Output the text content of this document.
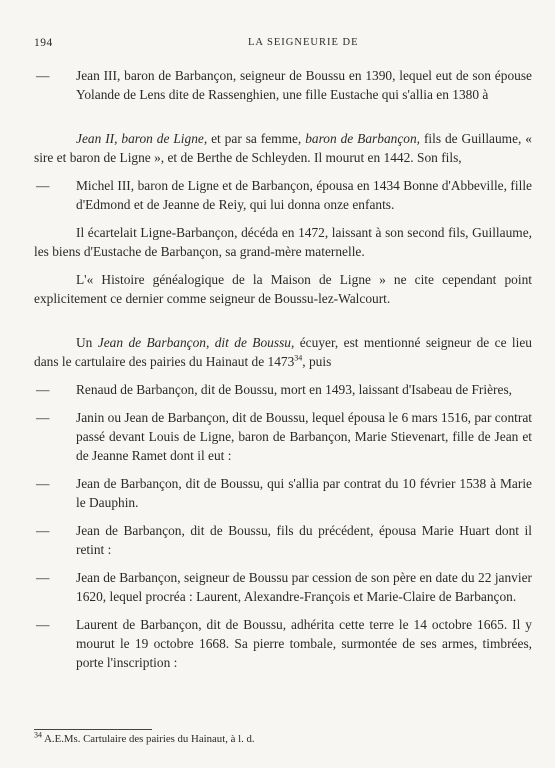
194	LA SEIGNEURIE DE

— Jean III, baron de Barbançon, seigneur de Boussu en 1390, lequel eut de son épouse Yolande de Lens dite de Rassenghien, une fille Eustache qui s'allia en 1380 à

Jean II, baron de Ligne, et par sa femme, baron de Barbançon, fils de Guillaume, « sire et baron de Ligne », et de Berthe de Schleyden. Il mourut en 1442. Son fils,

— Michel III, baron de Ligne et de Barbançon, épousa en 1434 Bonne d'Abbeville, fille d'Edmond et de Jeanne de Reiy, qui lui donna onze enfants.

Il écartelait Ligne-Barbançon, décéda en 1472, laissant à son second fils, Guillaume, les biens d'Eustache de Barbançon, sa grand-mère maternelle.

L'« Histoire généalogique de la Maison de Ligne » ne cite cependant point explicitement ce dernier comme seigneur de Boussu-lez-Walcourt.

Un Jean de Barbançon, dit de Boussu, écuyer, est mentionné seigneur de ce lieu dans le cartulaire des pairies du Hainaut de 1473$^{34}$, puis

— Renaud de Barbançon, dit de Boussu, mort en 1493, laissant d'Isabeau de Frières,

— Janin ou Jean de Barbançon, dit de Boussu, lequel épousa le 6 mars 1516, par contrat passé devant Louis de Ligne, baron de Barbançon, Marie Stievenart, fille de Jean et de Jeanne Ramet dont il eut :

— Jean de Barbançon, dit de Boussu, qui s'allia par contrat du 10 février 1538 à Marie le Dauphin.

— Jean de Barbançon, dit de Boussu, fils du précédent, épousa Marie Huart dont il retint :

— Jean de Barbançon, seigneur de Boussu par cession de son père en date du 22 janvier 1620, lequel procréa : Laurent, Alexandre-François et Marie-Claire de Barbançon.

— Laurent de Barbançon, dit de Boussu, adhérita cette terre le 14 octobre 1665. Il y mourut le 19 octobre 1668. Sa pierre tombale, surmontée de ses armes, timbrées, porte l'inscription :

$^{34}$ A.E.Ms. Cartulaire des pairies du Hainaut, à l. d.
